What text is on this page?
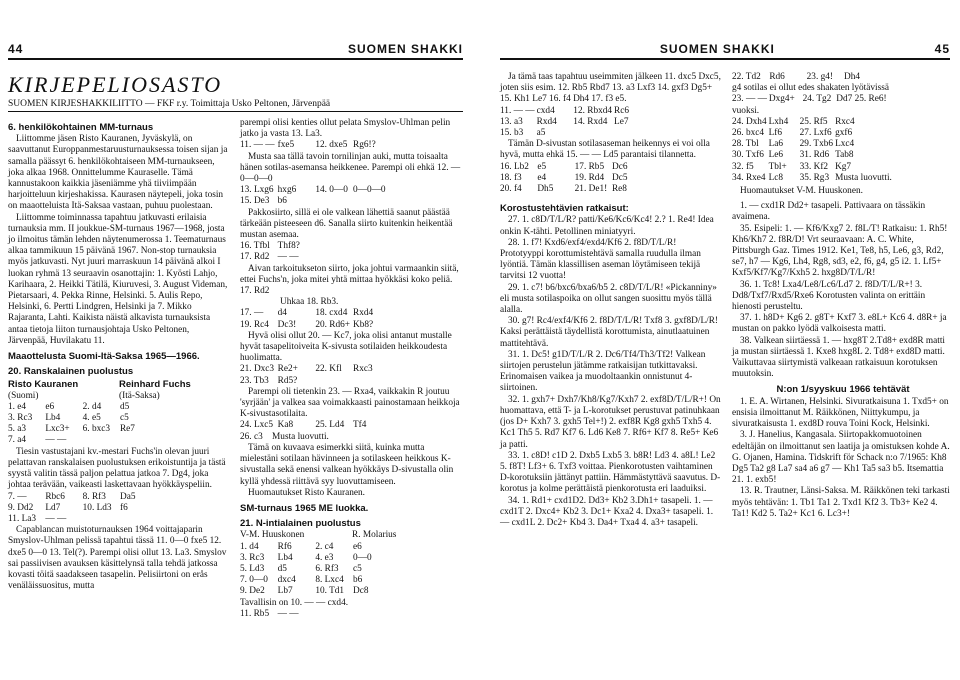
44	SUOMEN SHAKKI
KIRJEPELIOSASTO
SUOMEN KIRJESHAKKILIITTO — FKF r.y. Toimittaja Usko Peltonen, Järvenpää
6. henkilökohtainen MM-turnaus

Liittomme jäsen Risto Kauranen, Jyväskylä, on saavuttanut Europpanmestaruusturnauksessa toisen sijan ja samalla päässyt 6. henkilökohtaiseen MM-turnaukseen, joka alkaa 1968. Onnittelumme Kauraselle. Tämä kannustakoon kaikkia jäseniämme yhä tiiviimpään harjoitteluun kirjeshakissa. Kaurasen näytepeli, joka tosin on maaotteluista Itä-Saksaa vastaan, puhuu puolestaan.

Liittomme toiminnassa tapahtuu jatkuvasti erilaisia turnauksia mm. II joukkue-SM-turnaus 1967—1968, josta jo ilmoitus tämän lehden näytenumerossa 1. Teematurnaus alkaa tammikuun 15 päivänä 1967. Non-stop turnauksia myös jatkuvasti. Nyt juuri marraskuun 14 päivänä alkoi I luokan ryhmä 13 seuraavin osanottajin: 1. Kyösti Lahjo, Karihaara, 2. Heikki Tätilä, Kiuruvesi, 3. August Videman, Pietarsaari, 4. Pekka Rinne, Helsinki. 5. Aulis Repo, Helsinki, 6. Pertti Lindgren, Helsinki ja 7. Mikko Rajaranta, Lahti. Kaikista näistä alkavista turnauksista antaa tietoja liiton turnausjohtaja Usko Peltonen, Järvenpää, Huvilakatu 11.

Maaottelusta Suomi-Itä-Saksa 1965—1966.
20. Ranskalainen puolustus
Risto Kauranen	Reinhard Fuchs
(Suomi)	(Itä-Saksa)
1. e4	e6	2. d4	d5
3. Rc3	Lb4	4. e5	c5
5. a3	Lxc3+	6. bxc3	Re7
7. a4	— —

Tiesin vastustajani kv.-mestari Fuchs'in olevan juuri pelattavan ranskalaisen puolustuksen erikoistuntija ja tästä syystä valitin tässä paljon pelattua jatkoa 7. Dg4, joka johtaa terävään, vaikeasti laskettavaan hyökkäyspeliin.

7. —	Rbc6	8. Rf3	Da5
9. Dd2	Ld7	10. Ld3 f6
11. La3 — —

Capablancan muistoturnauksen 1964 voittajaparin Smyslov-Uhlman pelissä tapahtui tässä 11. 0—0 fxe5 12. dxe5 0—0 13. Tel(?). Parempi olisi ollut 13. La3. Smyslov sai passiivisen avauksen käsittelynsä talla tehdä jatkossa kovasti töitä saadakseen tasapelin. Pelisiirtoni on erås venäläissuositus, mutta

parempi olisi kenties ollut pelata Smyslov-Uhlman pelin jatko ja vasta 13. La3.

11. — — fxe5	12. dxe5 Rg6!?

Musta saa tällä tavoin tornilinjan auki, mutta toisaalta hänen sotilas-asemansa heikkenee. Parempi oli ehkä 12. — 0—0—0

13. Lxg6 hxg6	14. 0—0 0—0—0
15. De3 b6

Pakkosiirto, sillä ei ole valkean lähettiä saanut päästää tärkeään pisteeseen d6. Sanalla siirto kuitenkin heikentää mustan asemaa.

16. Tfbl Thf8?
17. Rd2 — —

Aivan tarkoitukseton siirto, joka johtui varmaankin siitä, ettei Fuchs'n, joka mitei yhtä mittaa hyökkäsi koko peliä.

17. Rd2
Uhkaa 18. Rb3.
17. —	d4	18. cxd4 Rxd4
19. Rc4 Dc3!	20. Rd6+ Kb8?

Hyvä olisi ollut 20. — Kc7, joka olisi antanut mustalle hyvät tasapelitoiveita K-sivusta sotilaiden heikkoudesta huolimatta.

21. Dxc3 Re2+	22. Kfl	Rxc3
23. Tb3 Rd5?

Parempi oli tietenkin 23. — Rxa4, vaikkakin R joutuu 'syrjään' ja valkea saa voimakkaasti painostamaan heikkoja K-sivustasotilaita.

24. Lxc5 Kа8	25. Ld4 Tf4
26. c3 Musta luovutti.

Tämä on kuvaava esimerkki siitä, kuinka mutta mielestäni sotilaan hävinneen ja sotilaskeen heikkous K-sivustalla sekä enensi valkean hyökkäys D-sivustalla olin kyllä yhdessä riittävä syy luovuttamiseen.

Huomautukset Risto Kauranen.

SM-turnaus 1965 ME luokka.
21. N-intialainen puolustus
V-M. Huuskonen	R. Molarius
1. d4	Rf6	2. c4	e6
3. Rc3	Lb4	4. e3	0—0
5. Ld3	d5	6. Rf3	c5
7. 0—0	dxc4	8. Lxc4 b6
9. De2	Lb7	10. Td1 Dc8

Tavallisin on 10. — — cxd4.

11. Rb5 — —
SUOMEN SHAKKI	45

Ja tämä taas tapahtuu useimmiten jälkeen 11. dxc5 Dxc5, joten siis esim. 12. Rb5 Rbd7 13. a3 Lxf3 14. gxf3 Dg5+ 15. Kh1 Le7 16. f4 Dh4 17. f3 e5.

11. — — cxd4	12. Rbxd4 Rc6
13. a3	Rxd4	14. Rxd4 Le7
15. b3	a5

Tämän D-sivustan sotilasaseman heikennys ei voi olla hyvä, mutta ehkä 15. — — Ld5 parantaisi tilannetta.

16. Lb2 e5	17. Rb5 Dc6
18. f3	e4	19. Rd4 Dc5
20. f4	Dh5	21. De1! Re8
Korostustehtävien ratkaisut:

27. 1. c8D/T/L/R? patti/Ke6/Kc6/Kc4! 2.? 1. Re4! Idea onkin K-tähti. Petollinen miniatyyri.

28. 1. f7! Kxd6/exf4/exd4/Kf6 2. f8D/T/L/R! Prototyyppi korottumistehtävä samalla ruudulla ilman lyöntiä. Tämän klassillisen aseman löytämiseen tekijä tarvitsi 12 vuotta!

29. 1. c7! b6/bxc6/bxa6/b5 2. c8D/T/L/R! «Pickanniny» eli musta sotilaspoika on ollut sangen suosittu myös tällä alalla.

30. g7! Rc4/exf4/Kf6 2. f8D/T/L/R! Txf8 3. gxf8D/L/R! Kaksi perättäistä täydellistä korottumista, ainutlaatuinen mattitehtävä.

31. 1. Dc5! g1D/T/L/R 2. Dc6/Tf4/Th3/Tf2! Valkean siirtojen perustelun jätämme ratkaisijan tutkittavaksi. Erinomaisen vaikea ja muodoltaankin onnistunut 4-siirtoinen.

32. 1. gxh7+ Dxh7/Kh8/Kg7/Kxh7 2. exf8D/T/L/R+! On huomattava, että T- ja L-korotukset perustuvat patinuhkaan (jos D+ Kxh7 3. gxh5 Tel+!) 2. exf8R Kg8 gxh5 Txh5 4. Kc1 Th5 5. Rd7 Kf7 6. Ld6 Ke8 7. Rf6+ Kf7 8. Re5+ Ke6 ja patti.

33. 1. c8D! c1D 2. Dxb5 Lxb5 3. b8R! Ld3 4. a8L! Le2 5. f8T! Lf3+ 6. Txf3 voittaa. Pienkorotusten vaihtaminen D-korotuksiin jättänyt pattiin. Hämmästyttävä saavutus. D-korotus ja kolme perättäistä pienkorotusta eri laaduiksi.

34. 1. Rd1+ cxd1D2. Dd3+ Kb2 3.Dh1+ tasapeli. 1. — cxd1T 2. Dxc4+ Kb2 3. Dc1+ Kxa2 4. Dxa3+ tasapeli. 1. — cxd1L 2. Dc2+ Kb4 3. Da4+ Txa4 4. a3+ tasapeli.

22. Td2 Rd6	23. g4!	Dh4

g4 sotilas ei ollut edes shakaten lyötävissä

23. — — Dxg4+ 24. Tg2 Dd7 25. Re6!

vuoksi.

24. Dxh4 Lxh4	25. Rf5 Rxc4
26. bxc4 Lf6	27. Lxf6 gxf6
28. Tbl	La6	29. Txb6 Lxc4
30. Txf6 Le6	31. Rd6 Tab8
32. f5	Tbl+	33. Kf2 Kg7
34. Rxe4 Lc8	35. Rg3 Musta luovutti.

Huomautukset V-M. Huuskonen.

1. — cxd1R Dd2+ tasapeli. Pattivaara on tässäkin avaimena.

35. Esipeli: 1. — Kf6/Kxg7 2. f8L/T! Ratkaisu: 1. Rh5! Kh6/Kh7 2. f8R/D! Vrt seuraavaan: A. C. White, Pittsburgh Gaz. Times 1912. Ke1, Te8, h5, Le6, g3, Rd2, se7, h7 — Kg6, Lh4, Rg8, sd3, e2, f6, g4, g5 i2. 1. Lf5+ Kxf5/Kf7/Kg7/Kxh5 2. hxg8D/T/L/R!

36. 1. Tc8! Lxa4/Le8/Lc6/Ld7 2. f8D/T/L/R+! 3. Dd8/Txf7/Rxd5/Rxe6 Korotusten valinta on erittäin hienosti perusteltu.

37. 1. h8D+ Kg6 2. g8T+ Kxf7 3. e8L+ Kc6 4. d8R+ ja mustan on pakko lyödä valkoisesta matti.

38. Valkean siirtäessä 1. — hxg8T 2.Td8+ exd8R matti ja mustan siirtäessä 1. Kxe8 hxg8L 2. Td8+ exd8D matti. Vaikuttavaa siirtymistä valkeaan ratkaisuun korotuksen muutoksin.

N:on 1/syyskuu 1966 tehtävät

1. E. A. Wirtanen, Helsinki. Sivuratkaisuna 1. Txd5+ on ensisia ilmoittanut M. Räikkönen, Niittykumpu, ja sivuratkaisusta 1. exd8D rouva Toini Kock, Helsinki.

3. J. Hanelius, Kangasala. Siirtopakkomuotoinen edeltäjän on ilmoittanut sen laatija ja omistuksen kohde A. G. Ojanen, Hamina. Tidskrift för Schack n:o 7/1965: Kh8 Dg5 Ta2 g8 La7 sa4 a6 g7 — Kh1 Ta5 sa3 b5. Itsemattia 21. 1. exb5!

13. R. Trautner, Länsi-Saksa. M. Räikkönen teki tarkasti myös tehtävän: 1. Tb1 Ta1 2. Txd1 Kf2 3. Tb3+ Ke2 4. Ta1! Kd2 5. Ta2+ Kc1 6. Lc3+!
